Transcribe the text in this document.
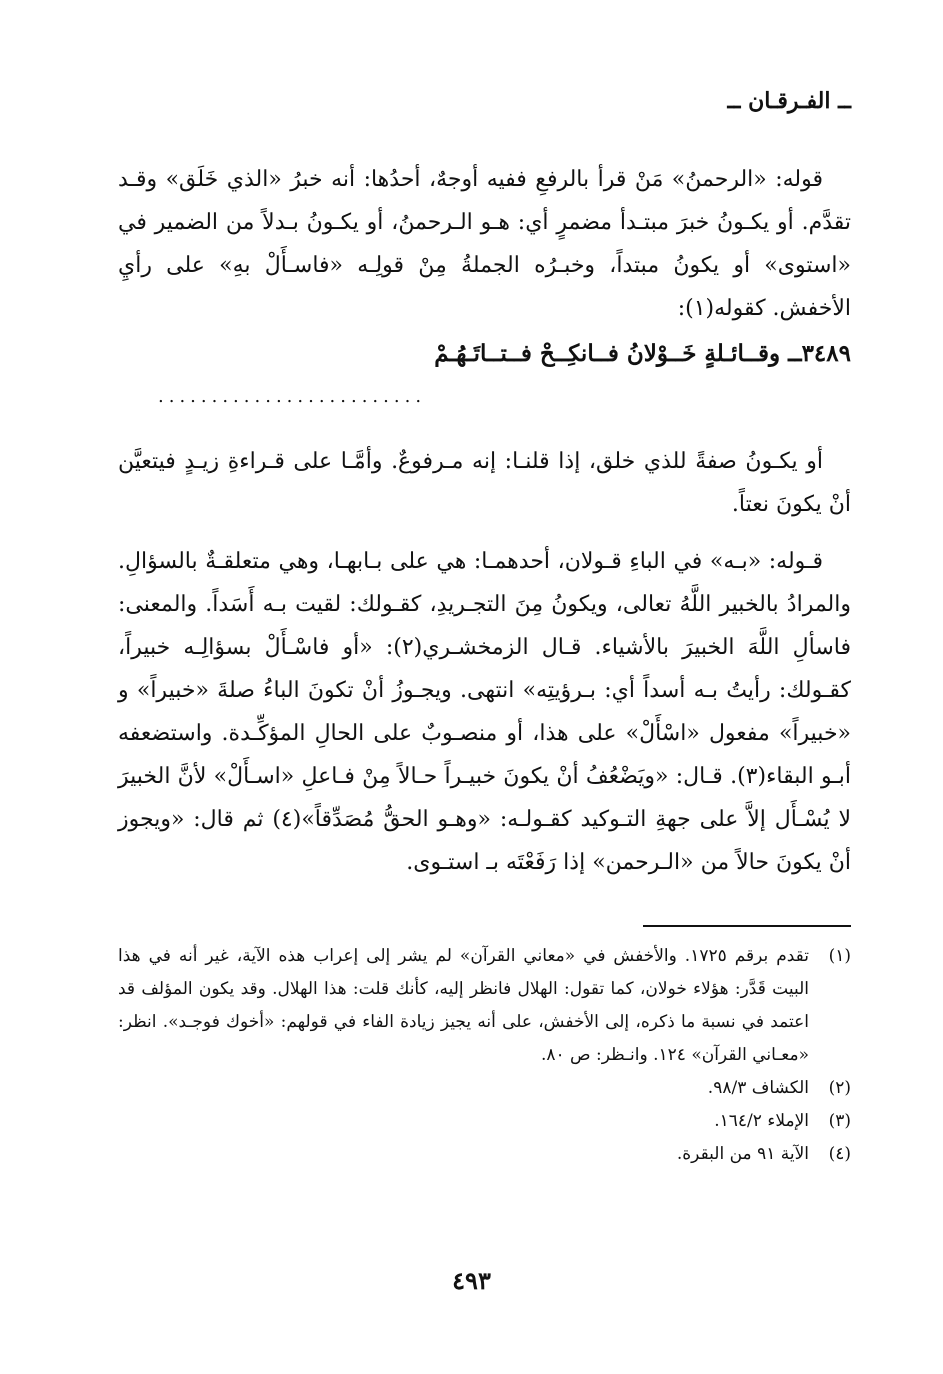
ــ الفـرقـان ــ

قوله: «الرحمنُ» مَنْ قرأ بالرفعِ ففيه أوجهٌ، أحدُها: أنه خبرُ «الذي خَلَق» وقـد تقدَّم. أو يكـونُ خبرَ مبتـدأ مضمرٍ أي: هـو الـرحمنُ، أو يكـونُ بـدلاً من الضمير في «استوى» أو يكونُ مبتداً، وخبـرُه الجملةُ مِنْ قولِـه «فاسـأَلْ بهِ» على رأيِ الأخفش. كقوله(١):

٣٤٨٩ــ وقــائـلةٍ خَــوْلانُ فــانكِــحْ فــتــاتَـهُـمْ
.........................

أو يكـونُ صفةً للذي خلق، إذا قلنـا: إنه مـرفوعٌ. وأمَّـا على قـراءةِ زيـدٍ فيتعيَّن أنْ يكونَ نعتاً.

قـوله: «بـه» في الباءِ قـولان، أحدهمـا: هي على بـابهـا، وهي متعلقـةٌ بالسؤالِ. والمرادُ بالخبير اللَّهُ تعالى، ويكونُ مِنَ التجـريدِ، كقـولك: لقيت بـه أَسَداً. والمعنى: فاسألِ اللَّهَ الخبيرَ بالأشياء. قـال الزمخشـري(٢): «أو فاسْـأَلْ بسؤالِـه خبيراً، كقـولك: رأيتُ بـه أسداً أي: بـرؤيتِه» انتهى. ويجـوزُ أنْ تكونَ الباءُ صلةَ «خبيراً» و «خبيراً» مفعول «اسْأَلْ» على هذا، أو منصـوبٌ على الحالِ المؤكِّـدة. واستضعفه أبـو البقاء(٣). قـال: «ويَضْعُفُ أنْ يكونَ خبيـراً حـالاً مِنْ فـاعلِ «اسـأَلْ» لأنَّ الخبيرَ لا يُسْـأَل إلاَّ على جهةِ التـوكيد كقـولـه: «وهـو الحقُّ مُصَدِّقاً»(٤) ثم قال: «ويجوز أنْ يكونَ حالاً من «الـرحمن» إذا رَفَعْتَه بـ استـوى.

(١)
تقدم برقم ١٧٢٥. والأخفش في «معاني القرآن» لم يشر إلى إعراب هذه الآية، غير أنه في هذا البيت قَدَّر: هؤلاء خولان، كما تقول: الهلال فانظر إليه، كأنك قلت: هذا الهلال. وقد يكون المؤلف قد اعتمد في نسبة ما ذكره، إلى الأخفش، على أنه يجيز زيادة الفاء في قولهم: «أخوك فوجـد». انظر: «معـاني القرآن» ١٢٤. وانـظر: ص ٨٠.
(٢)
الكشاف ٩٨/٣.
(٣)
الإملاء ١٦٤/٢.
(٤)
الآية ٩١ من البقرة.
٤٩٣
